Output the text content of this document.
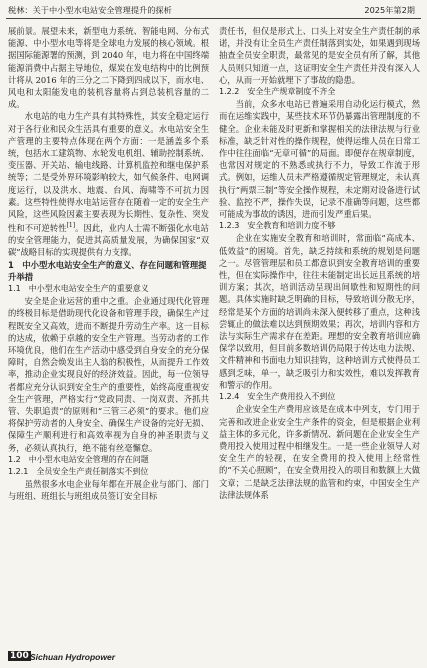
税林：关于中小型水电站安全管理提升的探析	2025年第2期
展前景。展望未来，新型电力系统、智能电网、分布式能源、中小型水电等将是全球电力发展的核心领域。根据国际能源署的预测，到 2040 年，电力将在中国终端能源消费中占据主导地位，煤炭在发电结构中的比例预计将从 2016 年的三分之二下降到四成以下，而水电、风电和太阳能发电的装机容量将占到总装机容量的二成。
水电站的电力生产具有其特殊性，其安全稳定运行对于各行业和民众生活具有重要的意义。水电站安全生产管理的主要特点体现在两个方面：一是涵盖多个系统，包括水工建筑物、水轮发电机组、辅助控制系统、变压器、开关站、输电线路、计算机监控和继电保护系统等；二是受外界环境影响较大，如气候条件、电网调度运行，以及洪水、地震、台风、海啸等不可抗力因素。这些特性使得水电站运营存在随着一定的安全生产风险，这些风险因素主要表现为长期性、复杂性、突发性和不可逆转性[1]。因此，业内人士需不断强化水电站的安全管理能力，促进其高质量发展，为确保国家“双碳”战略目标的实现提供有力支撑。
1　中小型水电站安全生产的意义、存在问题和管理提升举措
1.1　中小型水电站安全生产的重要意义
安全是企业运营的重中之重。企业通过现代化管理的终极目标是借助现代化设备和管理手段，确保生产过程既安全又高效，进而不断提升劳动生产率。这一目标的达成，依赖于卓越的安全生产管理。当劳动者的工作环境优良，他们在生产活动中感受到自身安全的充分保障时，自然会焕发出主人翁的积极性，从而提升工作效率，推动企业实现良好的经济效益。因此，每一位领导者都应充分认识到安全生产的重要性，始终高度重视安全生产管理，严格实行“党政同责、一岗双责、齐抓共管、失职追责”的原则和“三管三必须”的要求。他们应将保护劳动者的人身安全、确保生产设备的完好无损、保障生产顺利进行和高效率视为自身的神圣职责与义务，必须认真执行，绝不能有丝毫懈怠。
1.2　中小型水电站安全管理的存在问题
1.2.1　全员安全生产责任制落实不到位
虽然很多水电企业每年都在开展企业与部门、部门与班组、班组长与班组成员签订安全目标
责任书，但仅是形式上、口头上对安全生产责任制的承诺，并没有让全员生产责任制落到实处，如果遇到现场抽查全员安全职责，最常见的是安全员有所了解，其他人员则只知道一点，这证明安全生产责任并没有深入人心，从而一开始就埋下了事故的隐患。
1.2.2　安全生产规章制度不齐全
当前，众多水电站已普遍采用自动化运行模式，然而在运维实践中，某些技术环节仍暴露出管理制度的不健全。企业未能及时更新和掌握相关的法律法规与行业标准，缺乏针对性的操作规程，使得运维人员在日常工作中往往面临“无章可循”的局面。即便存在规章制度，也常因对规定的不熟悉或执行不力，导致工作流于形式。例如，运维人员未严格遵循规定管理规定，未认真执行“两票三制”等安全操作规程，未定期对设备进行试验、监控不严，操作失误，记录不准确等问题，这些都可能成为事故的诱因，进而引发严重后果。
1.2.3　安全教育和培训力度不够
企业在实施安全教育和培训时，常面临“高成本、低效益”的困境。首先，缺乏持续和系统的规划是问题之一。尽管管理层和员工都意识到安全教育培训的重要性，但在实际操作中，往往未能制定出长远且系统的培训方案；其次，培训活动呈现出间歇性和短期性的问题。具体实施时缺乏明确的目标，导致培训分散无序，经常是某个方面的培训尚未深入便转移了重点，这种浅尝辄止的做法难以达到预期效果；再次，培训内容和方法与实际生产需求存在差距。理想的安全教育培训应确保学以致用，但目前多数培训仍局限于传达电力法规、文件精神和书面电力知识挂钩，这种培训方式使得员工感到乏味，单一，缺乏吸引力和实效性，难以发挥教育和警示的作用。
1.2.4　安全生产费用投入不到位
企业安全生产费用应该是在成本中列支，专门用于完善和改进企业安全生产条件的资金，但是根据企业利益主体的多元化，许多新情况、新问题在企业安全生产费用投入使用过程中相继发生。一是一些企业领导人对安全生产的轻视，在安全费用的投入使用上经常性的“不关心照顾”，在安全费用投入的项目和数额上大做文章；二是缺乏法律法规的监管和约束，中国安全生产法律法规体系
100 Sichuan Hydropower
